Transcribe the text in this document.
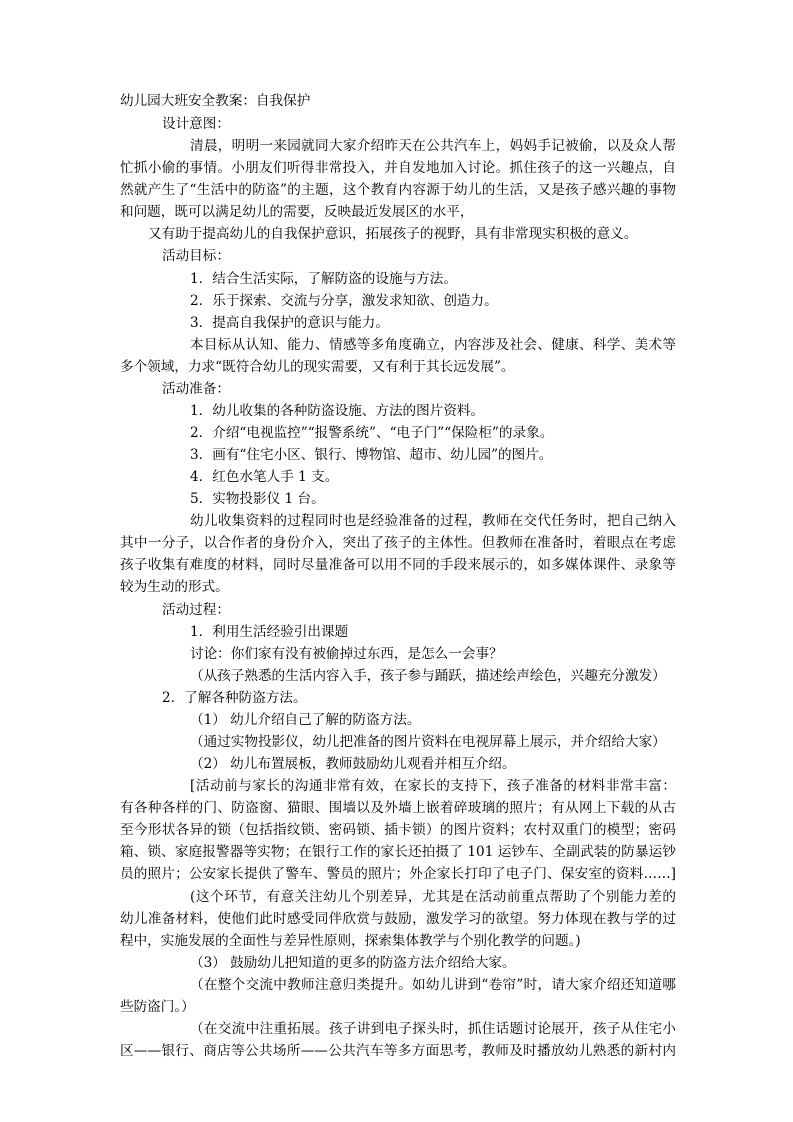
幼儿园大班安全教案：自我保护
设计意图：
清晨，明明一来园就同大家介绍昨天在公共汽车上，妈妈手记被偷，以及众人帮
忙抓小偷的事情。小朋友们听得非常投入，并自发地加入讨论。抓住孩子的这一兴趣点，自
然就产生了“生活中的防盗”的主题，这个教育内容源于幼儿的生活，又是孩子感兴趣的事物
和问题，既可以满足幼儿的需要，反映最近发展区的水平，
又有助于提高幼儿的自我保护意识，拓展孩子的视野，具有非常现实积极的意义。
活动目标：
1．结合生活实际，了解防盗的设施与方法。
2．乐于探索、交流与分享，激发求知欲、创造力。
3．提高自我保护的意识与能力。
本目标从认知、能力、情感等多角度确立，内容涉及社会、健康、科学、美术等
多个领域，力求“既符合幼儿的现实需要，又有利于其长远发展”。
活动准备：
1．幼儿收集的各种防盗设施、方法的图片资料。
2．介绍“电视监控”“报警系统”、“电子门”“保险柜”的录象。
3．画有“住宅小区、银行、博物馆、超市、幼儿园”的图片。
4．红色水笔人手 1 支。
5．实物投影仪 1 台。
幼儿收集资料的过程同时也是经验准备的过程，教师在交代任务时，把自己纳入
其中一分子，以合作者的身份介入，突出了孩子的主体性。但教师在准备时，着眼点在考虑
孩子收集有难度的材料，同时尽量准备可以用不同的手段来展示的，如多媒体课件、录象等
较为生动的形式。
活动过程：
1．利用生活经验引出课题
讨论：你们家有没有被偷掉过东西，是怎么一会事？
（从孩子熟悉的生活内容入手，孩子参与踊跃，描述绘声绘色，兴趣充分激发）
2．了解各种防盗方法。
（1） 幼儿介绍自己了解的防盗方法。
（通过实物投影仪，幼儿把准备的图片资料在电视屏幕上展示，并介绍给大家）
（2） 幼儿布置展板，教师鼓励幼儿观看并相互介绍。
[活动前与家长的沟通非常有效，在家长的支持下，孩子准备的材料非常丰富：
有各种各样的门、防盗窗、猫眼、围墙以及外墙上嵌着碎玻璃的照片；有从网上下载的从古
至今形状各异的锁（包括指纹锁、密码锁、插卡锁）的图片资料；农村双重门的模型；密码
箱、锁、家庭报警器等实物；在银行工作的家长还拍摄了 101 运钞车、全副武装的防暴运钞
员的照片；公安家长提供了警车、警员的照片；外企家长打印了电子门、保安室的资料……]
(这个环节，有意关注幼儿个别差异，尤其是在活动前重点帮助了个别能力差的
幼儿准备材料，使他们此时感受同伴欣赏与鼓励，激发学习的欲望。努力体现在教与学的过
程中，实施发展的全面性与差异性原则，探索集体教学与个别化教学的问题。)
（3） 鼓励幼儿把知道的更多的防盗方法介绍给大家。
（在整个交流中教师注意归类提升。如幼儿讲到“卷帘”时，请大家介绍还知道哪
些防盗门。）
（在交流中注重拓展。孩子讲到电子探头时，抓住话题讨论展开，孩子从住宅小
区——银行、商店等公共场所——公共汽车等多方面思考，教师及时播放幼儿熟悉的新村内
